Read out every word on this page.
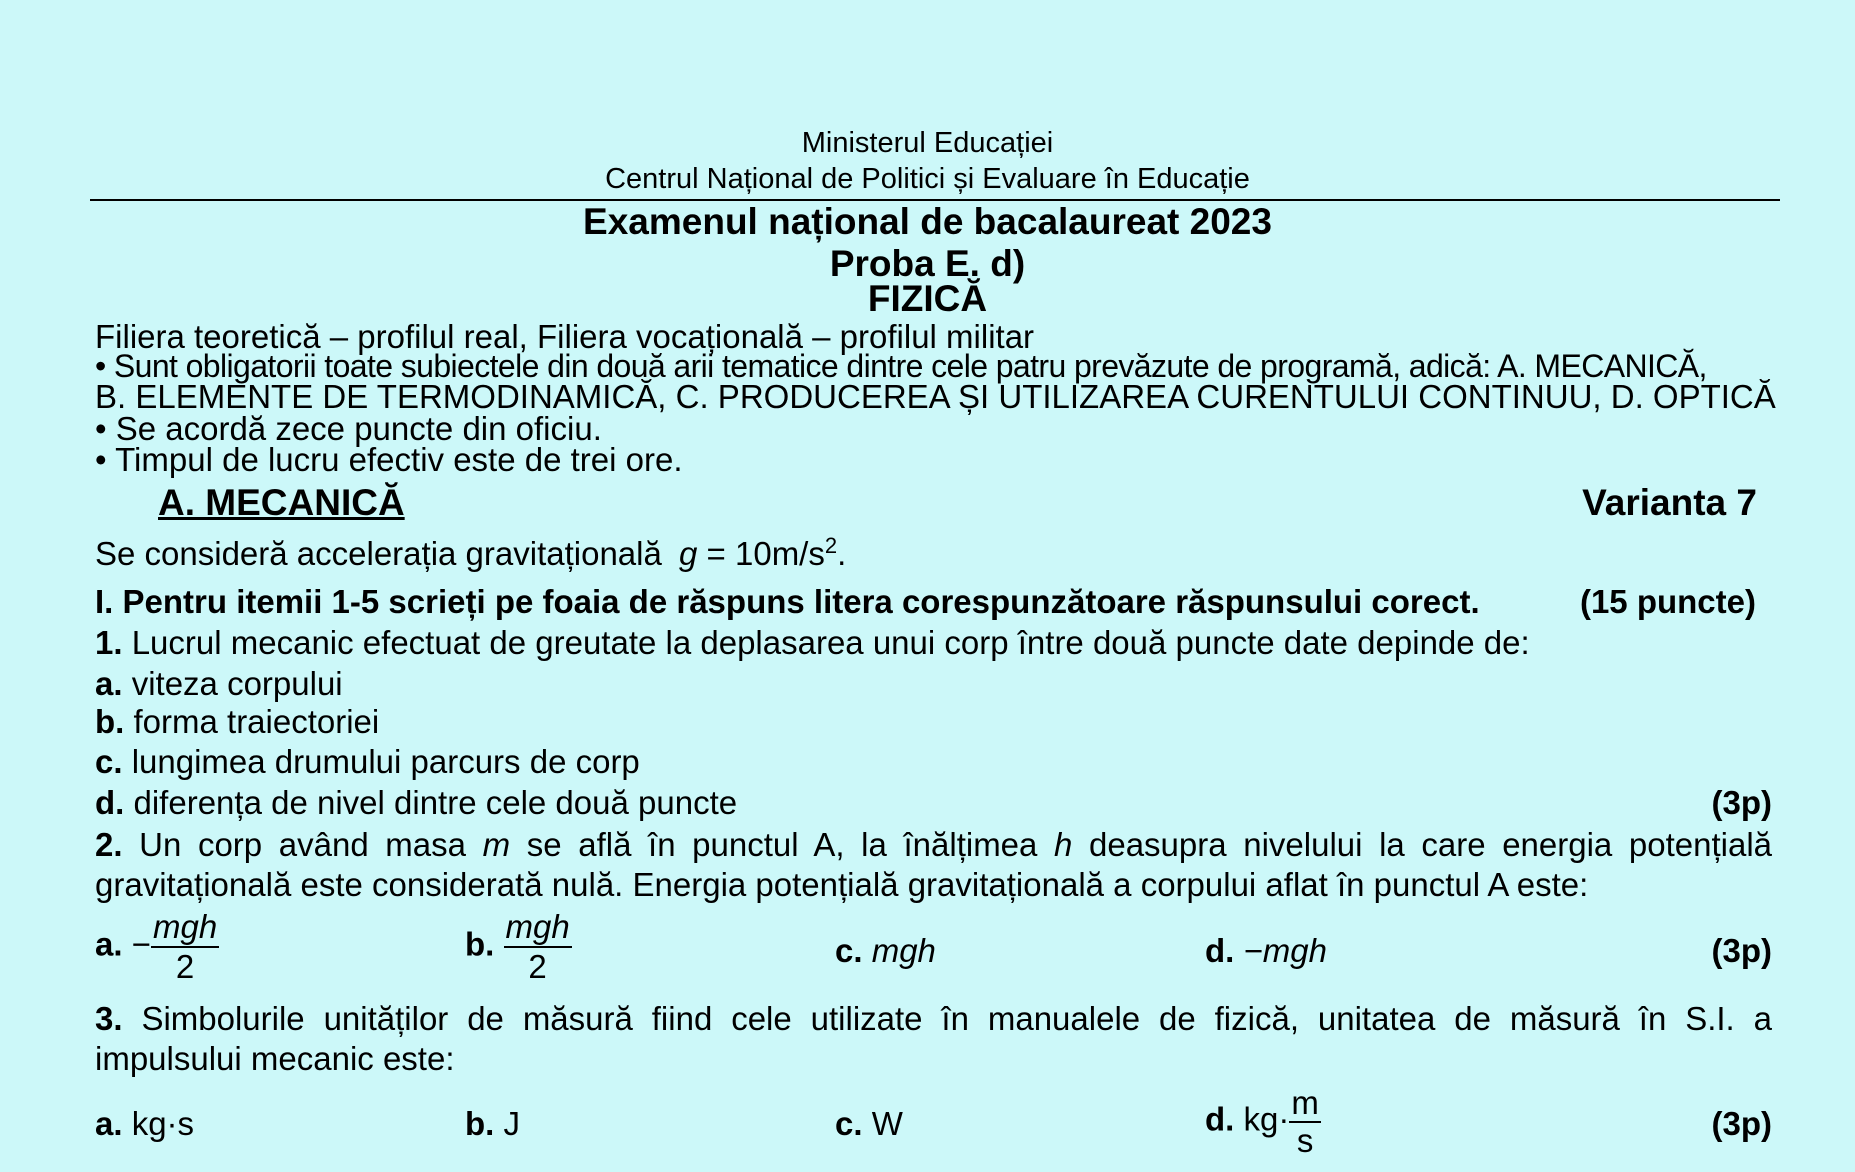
Ministerul Educației
Centrul Național de Politici și Evaluare în Educație
Examenul național de bacalaureat 2023
Proba E. d)
FIZICĂ
Filiera teoretică – profilul real, Filiera vocațională – profilul militar
• Sunt obligatorii toate subiectele din două arii tematice dintre cele patru prevăzute de programă, adică: A. MECANICĂ,
B. ELEMENTE DE TERMODINAMICĂ, C. PRODUCEREA ȘI UTILIZAREA CURENTULUI CONTINUU, D. OPTICĂ
• Se acordă zece puncte din oficiu.
• Timpul de lucru efectiv este de trei ore.
A. MECANICĂ	Varianta 7
Se consideră accelerația gravitațională $g = 10m/s^2$.
I. Pentru itemii 1-5 scrieți pe foaia de răspuns litera corespunzătoare răspunsului corect.	(15 puncte)
1. Lucrul mecanic efectuat de greutate la deplasarea unui corp între două puncte date depinde de:
a. viteza corpului
b. forma traiectoriei
c. lungimea drumului parcurs de corp
d. diferența de nivel dintre cele două puncte	(3p)
2. Un corp având masa m se află în punctul A, la înălțimea h deasupra nivelului la care energia potențială
gravitațională este considerată nulă. Energia potențială gravitațională a corpului aflat în punctul A este:
a. − $\frac{\text{mgh}}{2}$	b. $\frac{\text{mgh}}{2}$	c. mgh	d. −mgh	(3p)
3. Simbolurile unităților de măsură fiind cele utilizate în manualele de fizică, unitatea de măsură în S.I. a
impulsului mecanic este:
a. kg·s	b. J	c. W	d. $kg\cdot \frac{m}{s}$	(3p)
